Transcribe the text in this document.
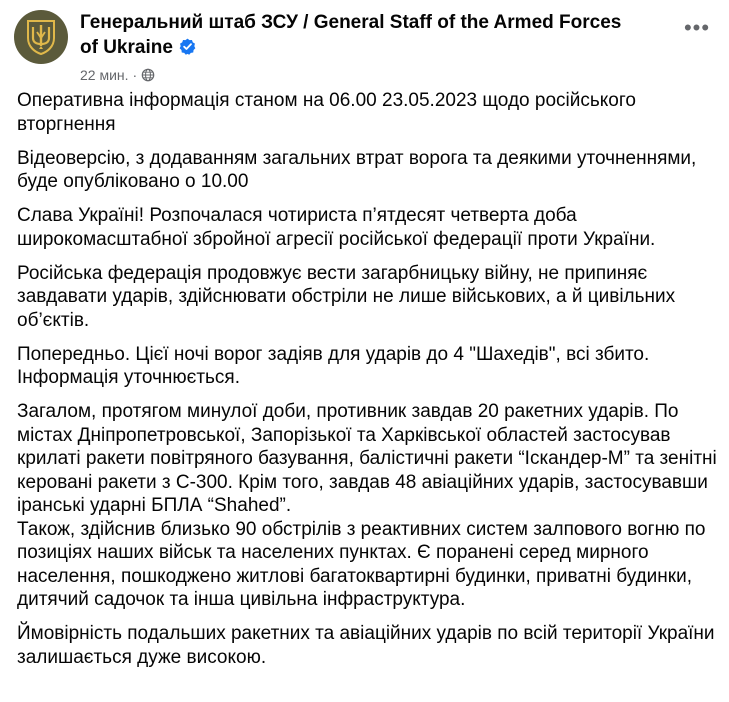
Генеральний штаб ЗСУ / General Staff of the Armed Forces of Ukraine
22 мин. ·
•••

Оперативна інформація станом на 06.00 23.05.2023 щодо російського вторгнення

Відеоверсію, з додаванням загальних втрат ворога та деякими уточненнями, буде опубліковано о 10.00

Слава Україні! Розпочалася чотириста п’ятдесят четверта доба широкомасштабної збройної агресії російської федерації проти України.

Російська федерація продовжує вести загарбницьку війну, не припиняє завдавати ударів, здійснювати обстріли не лише військових, а й цивільних об’єктів.

Попередньо. Цієї ночі ворог задіяв для ударів до 4 "Шахедів", всі збито. Інформація уточнюється.

Загалом, протягом минулої доби, противник завдав 20 ракетних ударів. По містах Дніпропетровської, Запорізької та Харківської областей застосував крилаті ракети повітряного базування, балістичні ракети “Іскандер-М” та зенітні керовані ракети з С-300. Крім того, завдав 48 авіаційних ударів, застосувавши іранські ударні БПЛА “Shahed”.

Також, здійснив близько 90 обстрілів з реактивних систем залпового вогню по позиціях наших військ та населених пунктах. Є поранені серед мирного населення, пошкоджено житлові багатоквартирні будинки, приватні будинки, дитячий садочок та інша цивільна інфраструктура.

Ймовірність подальших ракетних та авіаційних ударів по всій території України залишається дуже високою.
